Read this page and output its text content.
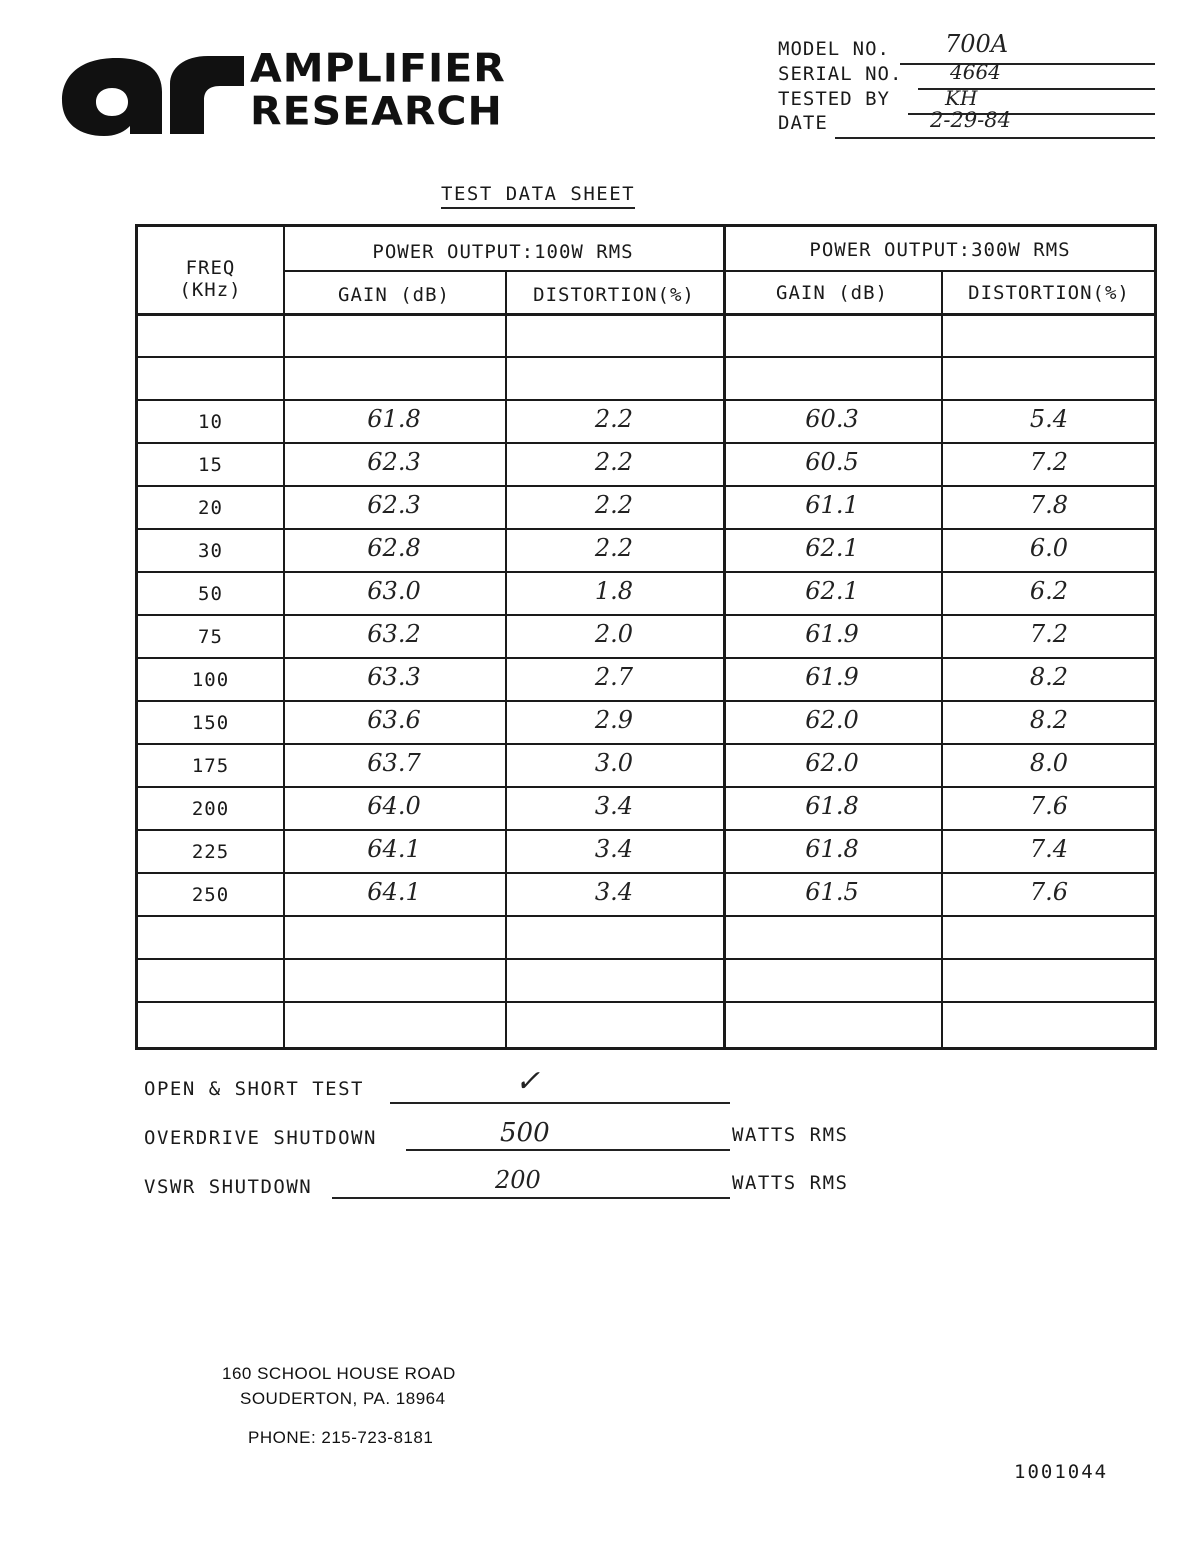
AMPLIFIER
RESEARCH
MODEL NO. 700A
SERIAL NO. 4664
TESTED BY	KH
DATE	2-29-84
TEST DATA SHEET
FREQ
(KHz)
POWER OUTPUT:100W RMS	POWER OUTPUT:300W RMS
GAIN (dB)	DISTORTION(%)	GAIN (dB)	DISTORTION(%)
10	61.8	2.2	60.3	5.4
15	62.3	2.2	60.5	7.2
20	62.3	2.2	61.1	7.8
30	62.8	2.2	62.1	6.0
50	63.0	1.8	62.1	6.2
75	63.2	2.0	61.9	7.2
100	63.3	2.7	61.9	8.2
150	63.6	2.9	62.0	8.2
175	63.7	3.0	62.0	8.0
200	64.0	3.4	61.8	7.6
225	64.1	3.4	61.8	7.4
250	64.1	3.4	61.5	7.6
OPEN & SHORT TEST	✓
OVERDRIVE SHUTDOWN	500	WATTS RMS
VSWR SHUTDOWN	200	WATTS RMS
160 SCHOOL HOUSE ROAD
SOUDERTON, PA. 18964
PHONE: 215-723-8181
1001044
